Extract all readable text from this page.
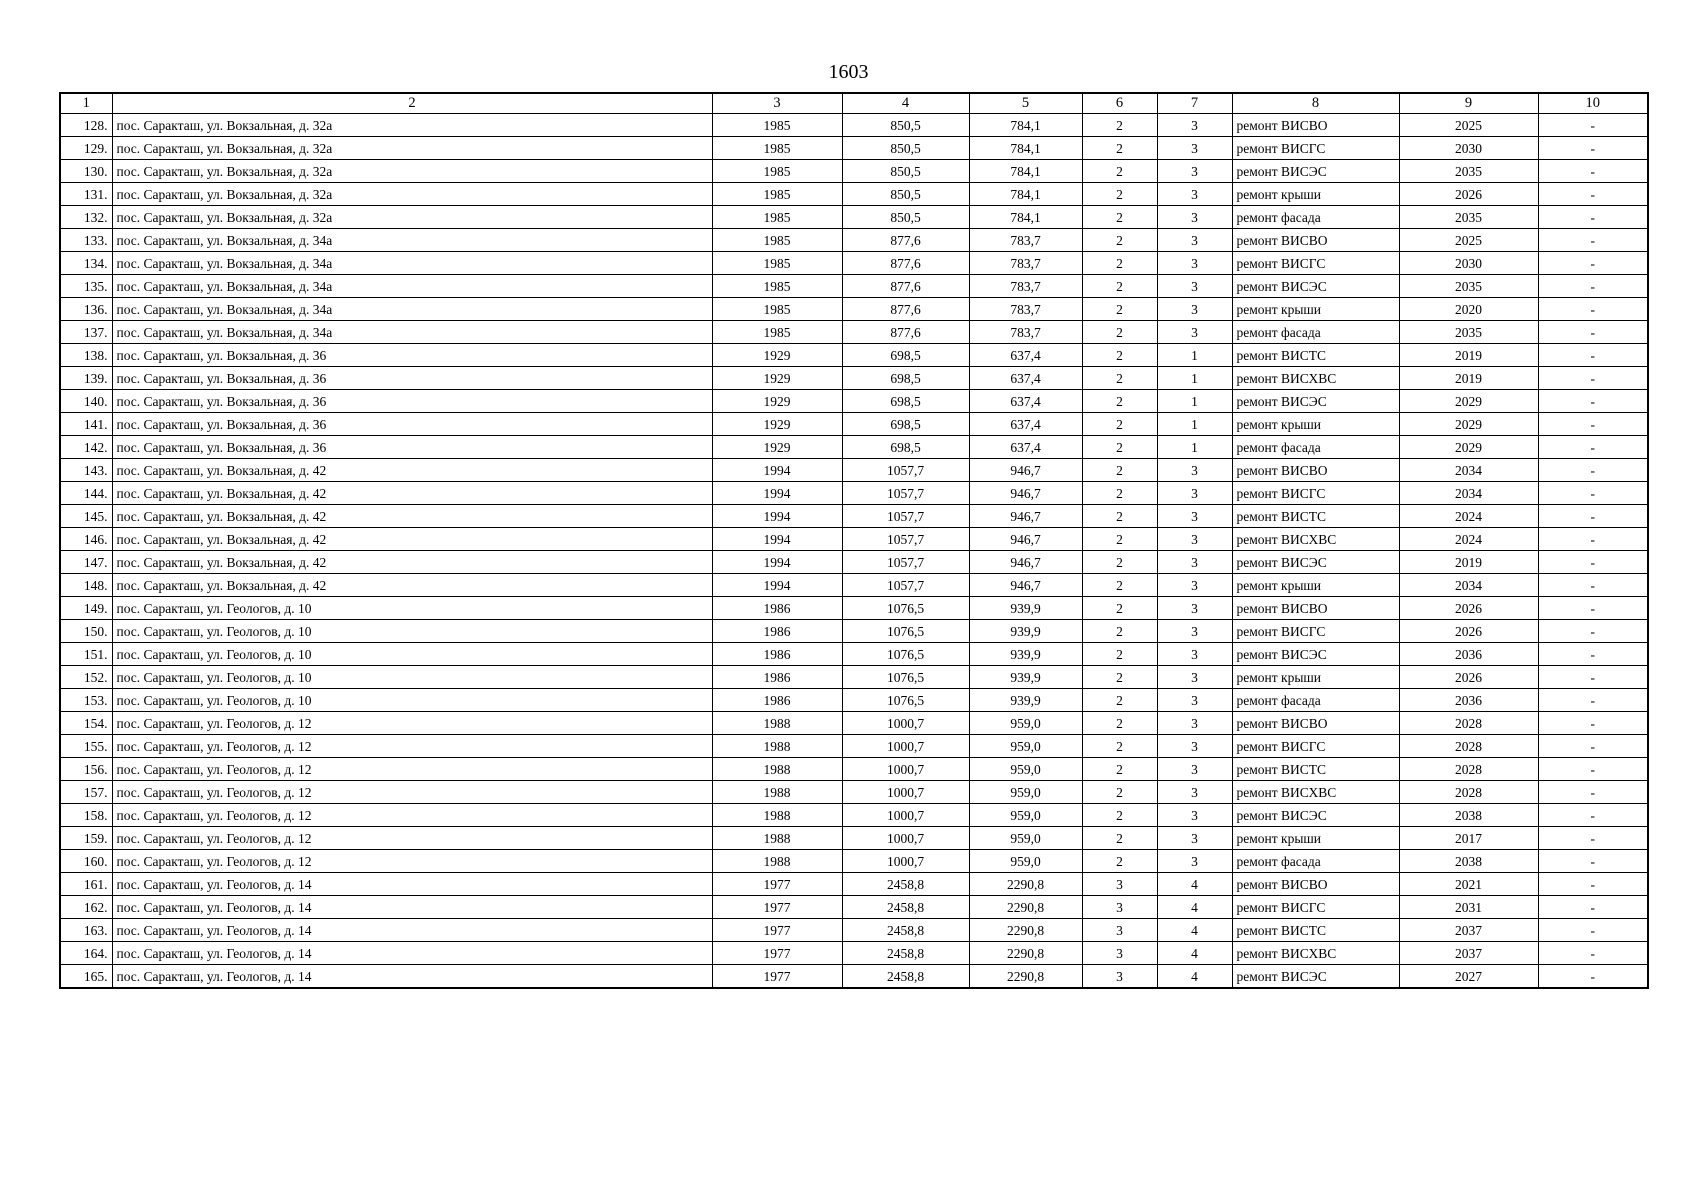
1603
1	2	3	4	5	6	7	8	9	10
128.	пос. Саракташ, ул. Вокзальная, д. 32а	1985	850,5	784,1	2	3	ремонт ВИСВО	2025	-
129.	пос. Саракташ, ул. Вокзальная, д. 32а	1985	850,5	784,1	2	3	ремонт ВИСГС	2030	-
130.	пос. Саракташ, ул. Вокзальная, д. 32а	1985	850,5	784,1	2	3	ремонт ВИСЭС	2035	-
131.	пос. Саракташ, ул. Вокзальная, д. 32а	1985	850,5	784,1	2	3	ремонт крыши	2026	-
132.	пос. Саракташ, ул. Вокзальная, д. 32а	1985	850,5	784,1	2	3	ремонт фасада	2035	-
133.	пос. Саракташ, ул. Вокзальная, д. 34а	1985	877,6	783,7	2	3	ремонт ВИСВО	2025	-
134.	пос. Саракташ, ул. Вокзальная, д. 34а	1985	877,6	783,7	2	3	ремонт ВИСГС	2030	-
135.	пос. Саракташ, ул. Вокзальная, д. 34а	1985	877,6	783,7	2	3	ремонт ВИСЭС	2035	-
136.	пос. Саракташ, ул. Вокзальная, д. 34а	1985	877,6	783,7	2	3	ремонт крыши	2020	-
137.	пос. Саракташ, ул. Вокзальная, д. 34а	1985	877,6	783,7	2	3	ремонт фасада	2035	-
138.	пос. Саракташ, ул. Вокзальная, д. 36	1929	698,5	637,4	2	1	ремонт ВИСТС	2019	-
139.	пос. Саракташ, ул. Вокзальная, д. 36	1929	698,5	637,4	2	1	ремонт ВИСХВС	2019	-
140.	пос. Саракташ, ул. Вокзальная, д. 36	1929	698,5	637,4	2	1	ремонт ВИСЭС	2029	-
141.	пос. Саракташ, ул. Вокзальная, д. 36	1929	698,5	637,4	2	1	ремонт крыши	2029	-
142.	пос. Саракташ, ул. Вокзальная, д. 36	1929	698,5	637,4	2	1	ремонт фасада	2029	-
143.	пос. Саракташ, ул. Вокзальная, д. 42	1994	1057,7	946,7	2	3	ремонт ВИСВО	2034	-
144.	пос. Саракташ, ул. Вокзальная, д. 42	1994	1057,7	946,7	2	3	ремонт ВИСГС	2034	-
145.	пос. Саракташ, ул. Вокзальная, д. 42	1994	1057,7	946,7	2	3	ремонт ВИСТС	2024	-
146.	пос. Саракташ, ул. Вокзальная, д. 42	1994	1057,7	946,7	2	3	ремонт ВИСХВС	2024	-
147.	пос. Саракташ, ул. Вокзальная, д. 42	1994	1057,7	946,7	2	3	ремонт ВИСЭС	2019	-
148.	пос. Саракташ, ул. Вокзальная, д. 42	1994	1057,7	946,7	2	3	ремонт крыши	2034	-
149.	пос. Саракташ, ул. Геологов, д. 10	1986	1076,5	939,9	2	3	ремонт ВИСВО	2026	-
150.	пос. Саракташ, ул. Геологов, д. 10	1986	1076,5	939,9	2	3	ремонт ВИСГС	2026	-
151.	пос. Саракташ, ул. Геологов, д. 10	1986	1076,5	939,9	2	3	ремонт ВИСЭС	2036	-
152.	пос. Саракташ, ул. Геологов, д. 10	1986	1076,5	939,9	2	3	ремонт крыши	2026	-
153.	пос. Саракташ, ул. Геологов, д. 10	1986	1076,5	939,9	2	3	ремонт фасада	2036	-
154.	пос. Саракташ, ул. Геологов, д. 12	1988	1000,7	959,0	2	3	ремонт ВИСВО	2028	-
155.	пос. Саракташ, ул. Геологов, д. 12	1988	1000,7	959,0	2	3	ремонт ВИСГС	2028	-
156.	пос. Саракташ, ул. Геологов, д. 12	1988	1000,7	959,0	2	3	ремонт ВИСТС	2028	-
157.	пос. Саракташ, ул. Геологов, д. 12	1988	1000,7	959,0	2	3	ремонт ВИСХВС	2028	-
158.	пос. Саракташ, ул. Геологов, д. 12	1988	1000,7	959,0	2	3	ремонт ВИСЭС	2038	-
159.	пос. Саракташ, ул. Геологов, д. 12	1988	1000,7	959,0	2	3	ремонт крыши	2017	-
160.	пос. Саракташ, ул. Геологов, д. 12	1988	1000,7	959,0	2	3	ремонт фасада	2038	-
161.	пос. Саракташ, ул. Геологов, д. 14	1977	2458,8	2290,8	3	4	ремонт ВИСВО	2021	-
162.	пос. Саракташ, ул. Геологов, д. 14	1977	2458,8	2290,8	3	4	ремонт ВИСГС	2031	-
163.	пос. Саракташ, ул. Геологов, д. 14	1977	2458,8	2290,8	3	4	ремонт ВИСТС	2037	-
164.	пос. Саракташ, ул. Геологов, д. 14	1977	2458,8	2290,8	3	4	ремонт ВИСХВС	2037	-
165.	пос. Саракташ, ул. Геологов, д. 14	1977	2458,8	2290,8	3	4	ремонт ВИСЭС	2027	-
